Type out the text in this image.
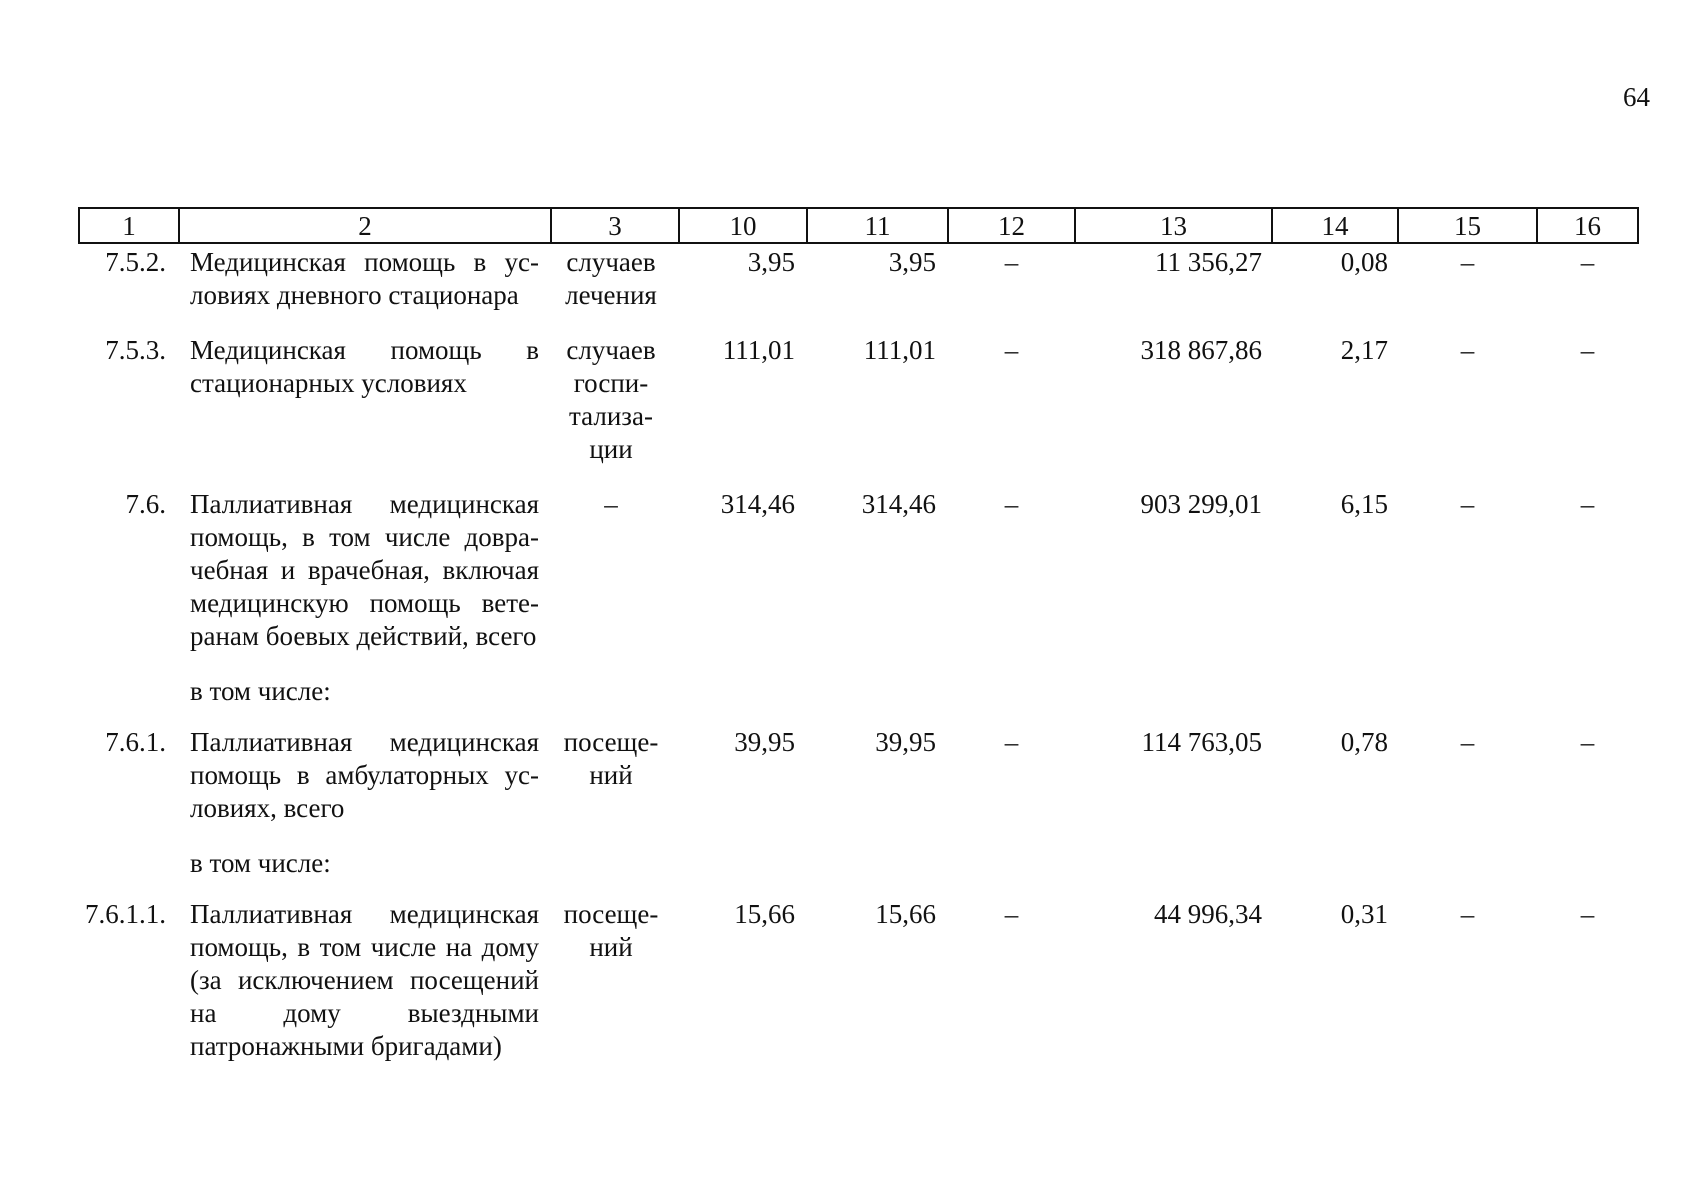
64
1	2	3	10	11	12	13	14	15	16
7.5.2.	Медицинская помощь в условиях дневного стационара	случаев лечения	3,95	3,95	–	11 356,27	0,08	–	–
7.5.3.	Медицинская помощь в стационарных условиях	случаев госпитализации	111,01	111,01	–	318 867,86	2,17	–	–
7.6.	Паллиативная медицинская помощь, в том числе доврачебная и врачебная, включая медицинскую помощь ветеранам боевых действий, всего	–	314,46	314,46	–	903 299,01	6,15	–	–
	в том числе:								
7.6.1.	Паллиативная медицинская помощь в амбулаторных условиях, всего	посещений	39,95	39,95	–	114 763,05	0,78	–	–
	в том числе:								
7.6.1.1.	Паллиативная медицинская помощь, в том числе на дому (за исключением посещений на дому выездными патронажными бригадами)	посещений	15,66	15,66	–	44 996,34	0,31	–	–
